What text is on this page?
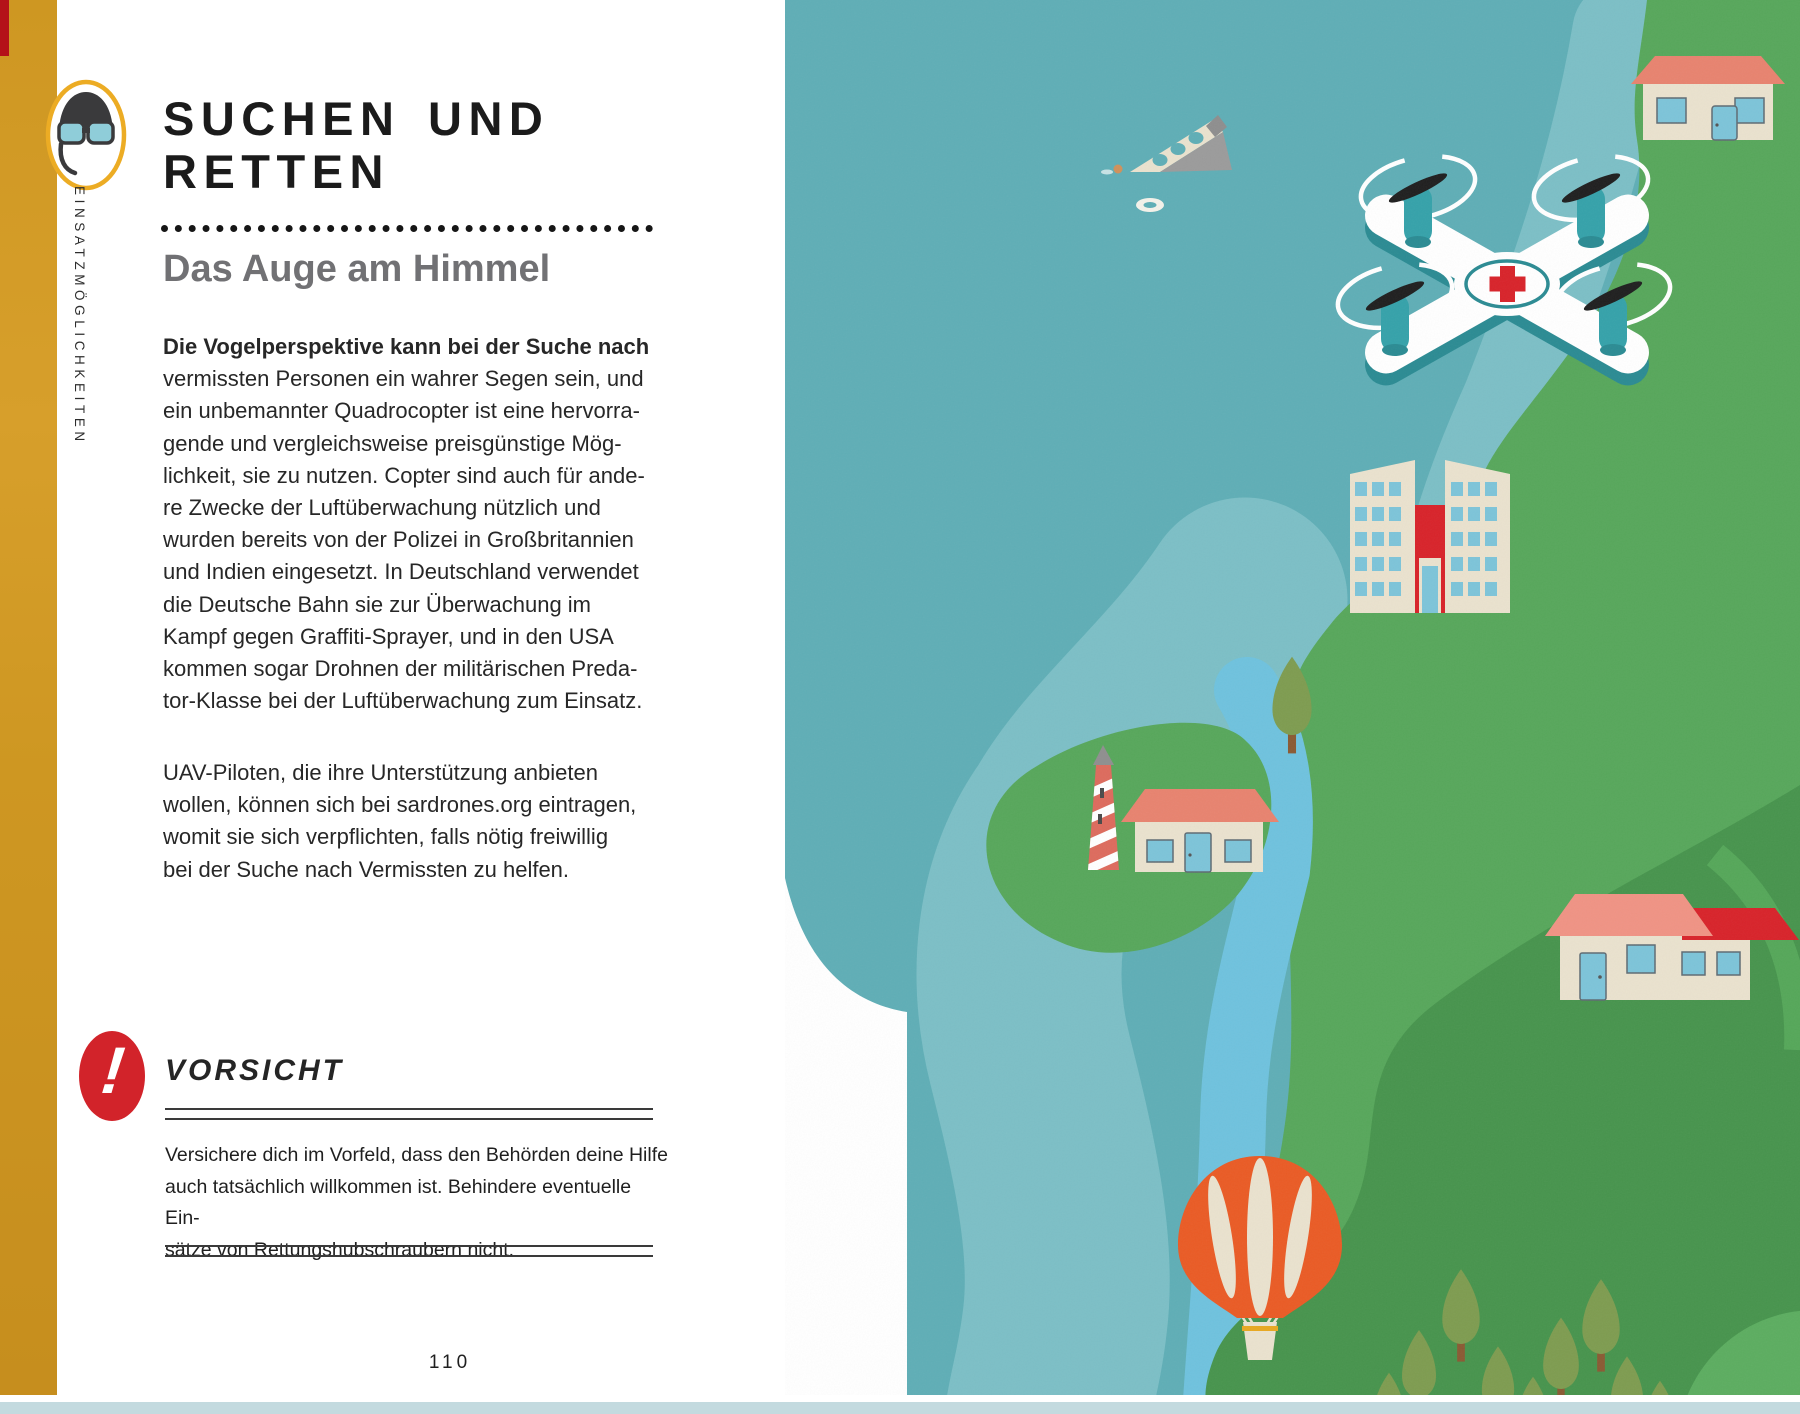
EINSATZMÖGLICHKEITEN
SUCHEN UND
RETTEN
Das Auge am Himmel
Die Vogelperspektive kann bei der Suche nach
vermissten Personen ein wahrer Segen sein, und
ein unbemannter Quadrocopter ist eine hervorra-
gende und vergleichsweise preisgünstige Mög-
lichkeit, sie zu nutzen. Copter sind auch für ande-
re Zwecke der Luftüberwachung nützlich und
wurden bereits von der Polizei in Großbritannien
und Indien eingesetzt. In Deutschland verwendet
die Deutsche Bahn sie zur Überwachung im
Kampf gegen Graffiti-Sprayer, und in den USA
kommen sogar Drohnen der militärischen Preda-
tor-Klasse bei der Luftüberwachung zum Einsatz.
UAV-Piloten, die ihre Unterstützung anbieten
wollen, können sich bei sardrones.org eintragen,
womit sie sich verpflichten, falls nötig freiwillig
bei der Suche nach Vermissten zu helfen.
!	VORSICHT
Versichere dich im Vorfeld, dass den Behörden deine Hilfe
auch tatsächlich willkommen ist. Behindere eventuelle Ein-
sätze von Rettungshubschraubern nicht.
110
